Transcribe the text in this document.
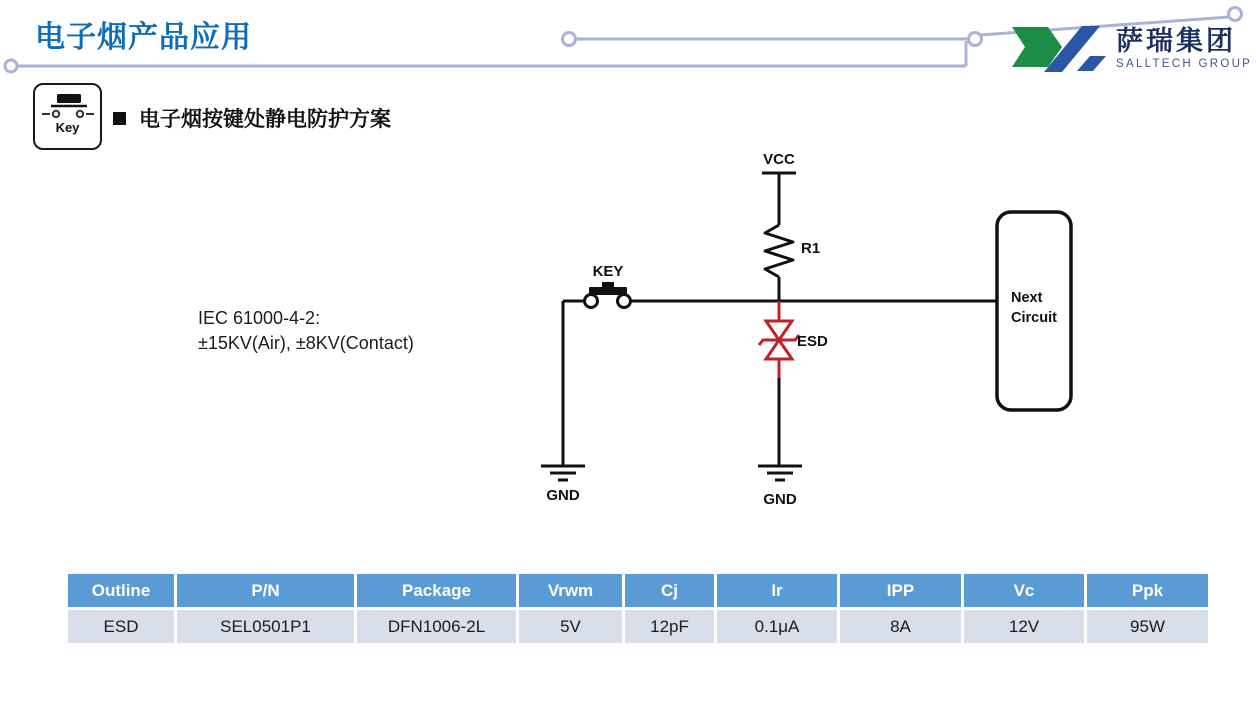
电子烟产品应用	萨瑞集团
SALLTECH GROUP
Key	电子烟按键处静电防护方案
IEC 61000-4-2:
±15KV(Air), ±8KV(Contact)
VCC
R1
KEY
ESD
GND	GND
Next
Circuit
Outline	P/N	Package	Vrwm	Cj	Ir	IPP	Vc	Ppk
ESD	SEL0501P1	DFN1006-2L	5V	12pF	0.1μA	8A	12V	95W
